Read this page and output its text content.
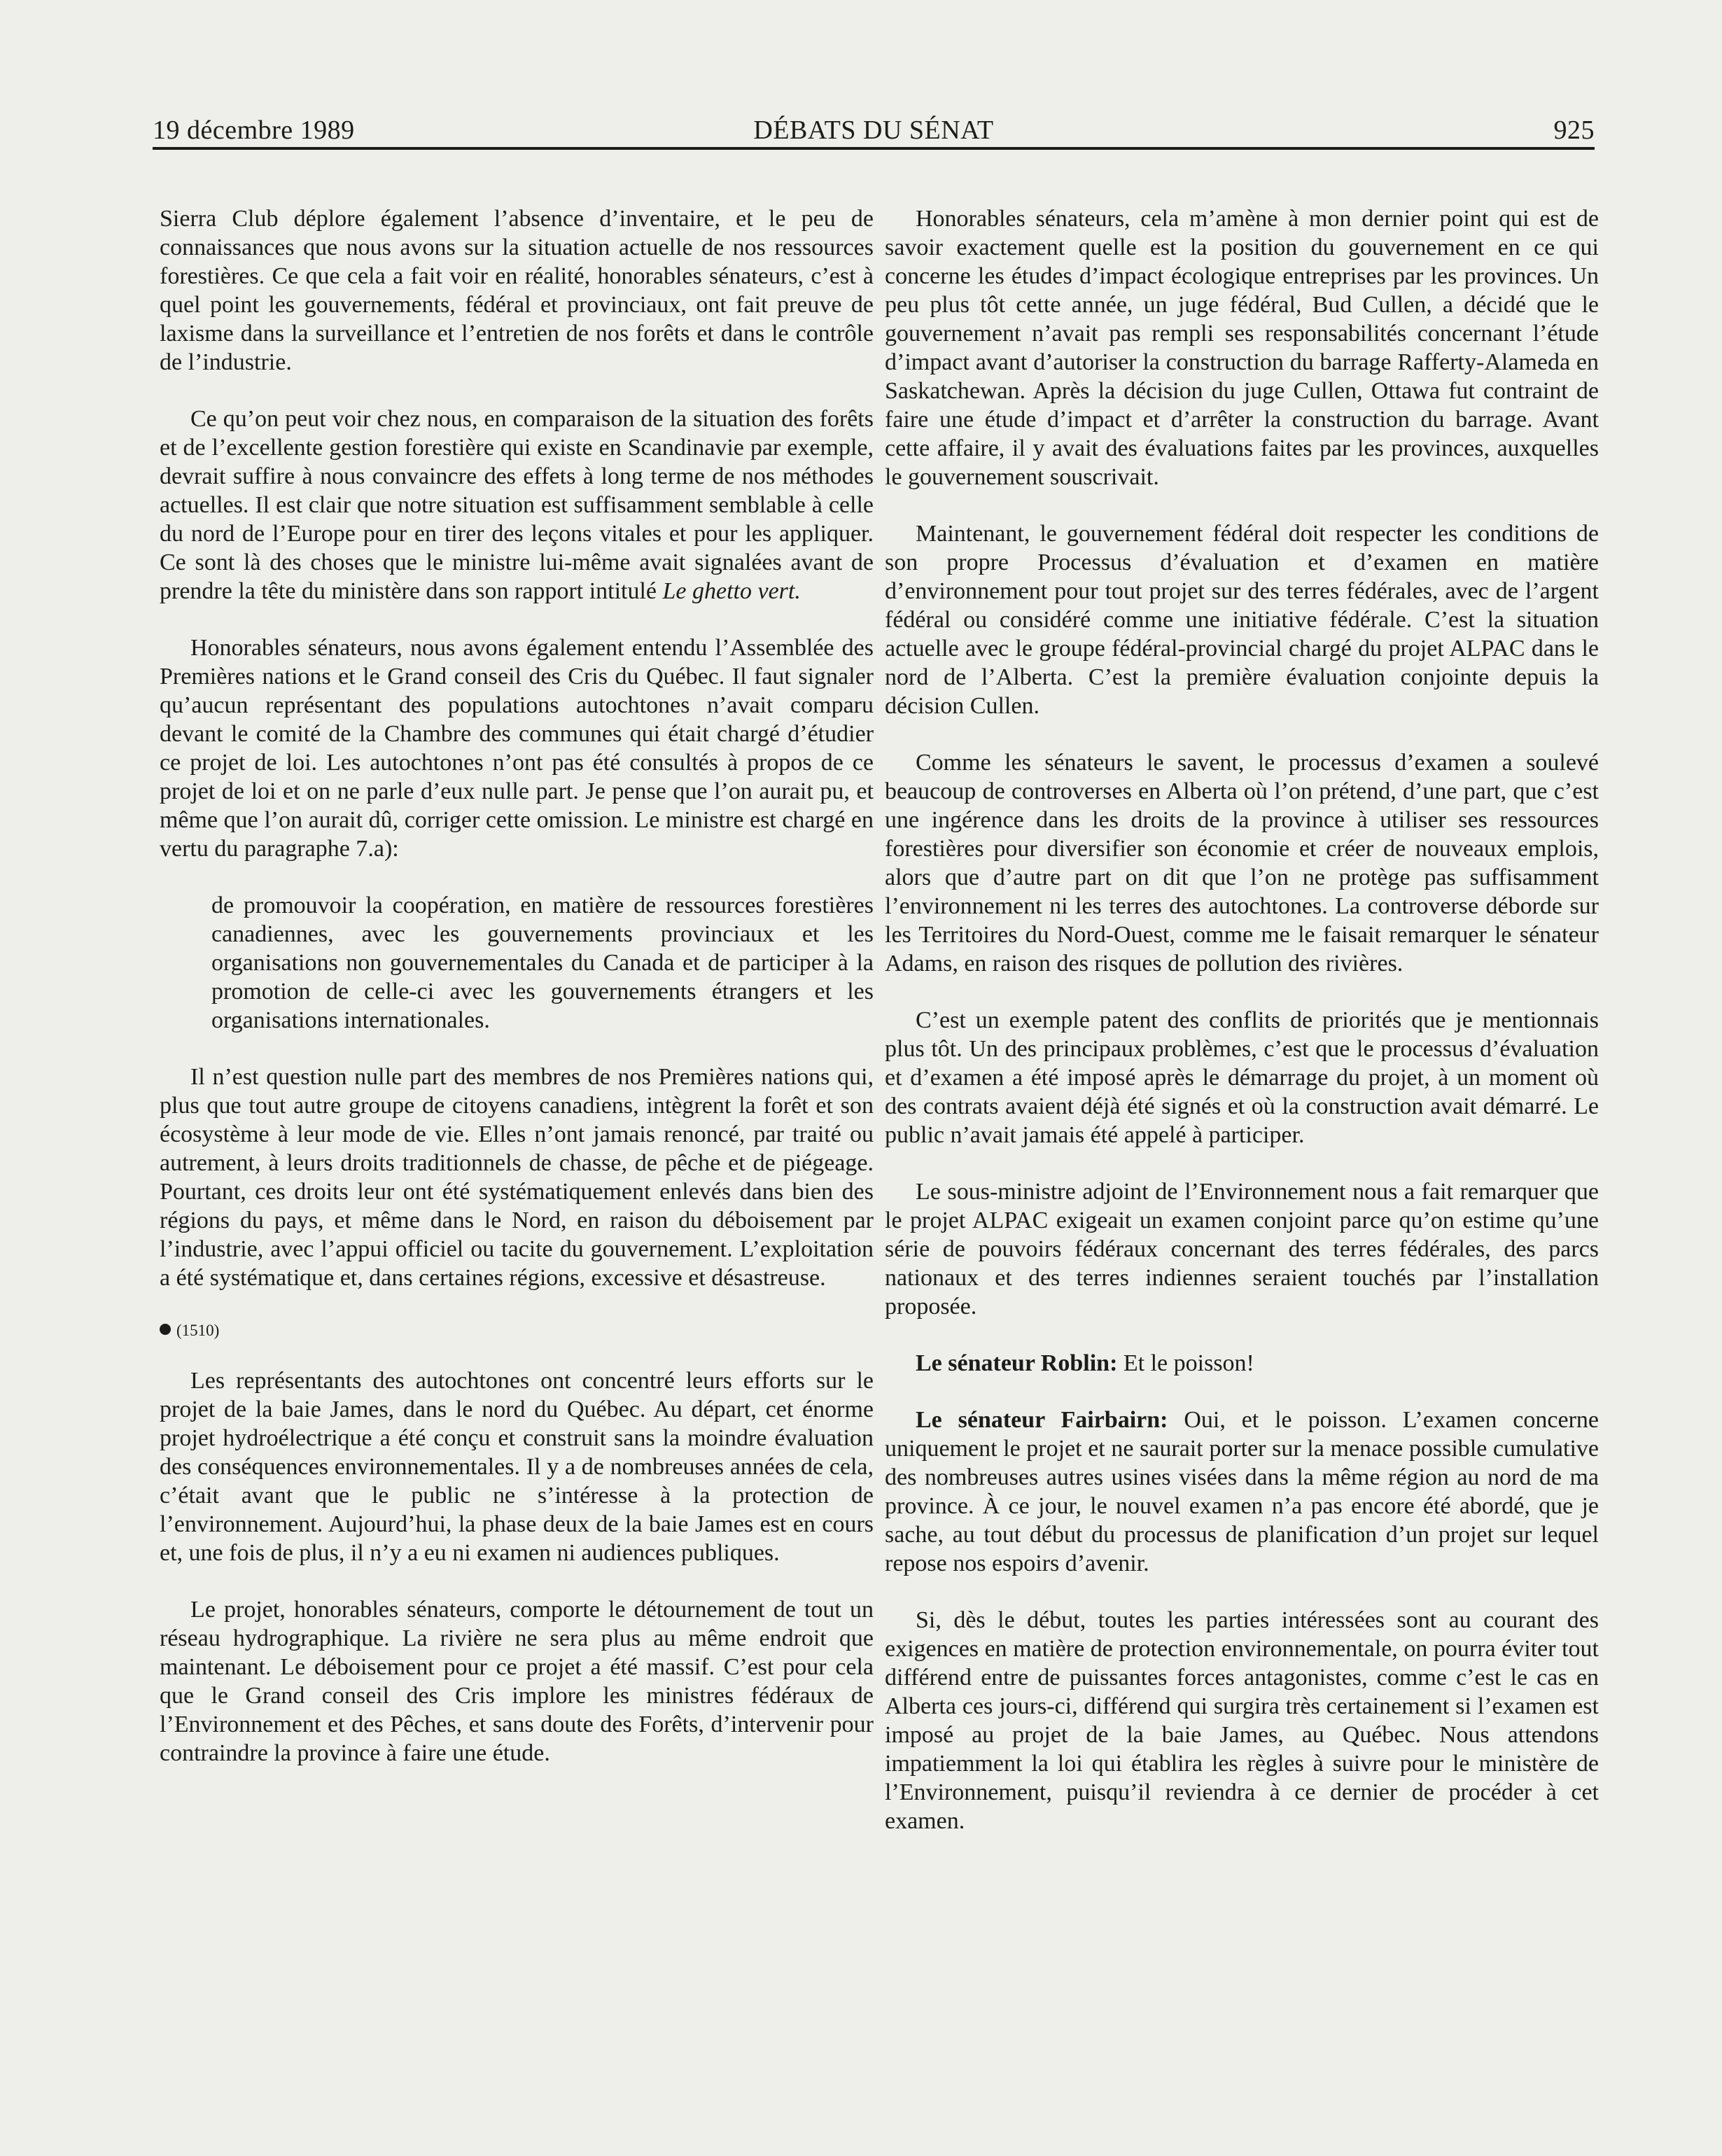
19 décembre 1989	DÉBATS DU SÉNAT	925

Sierra Club déplore également l’absence d’inventaire, et le peu de connaissances que nous avons sur la situation actuelle de nos ressources forestières. Ce que cela a fait voir en réalité, honorables sénateurs, c’est à quel point les gouvernements, fédéral et provinciaux, ont fait preuve de laxisme dans la surveillance et l’entretien de nos forêts et dans le contrôle de l’industrie.

Ce qu’on peut voir chez nous, en comparaison de la situation des forêts et de l’excellente gestion forestière qui existe en Scandinavie par exemple, devrait suffire à nous convaincre des effets à long terme de nos méthodes actuelles. Il est clair que notre situation est suffisamment semblable à celle du nord de l’Europe pour en tirer des leçons vitales et pour les appliquer. Ce sont là des choses que le ministre lui-même avait signalées avant de prendre la tête du ministère dans son rapport intitulé Le ghetto vert.

Honorables sénateurs, nous avons également entendu l’Assemblée des Premières nations et le Grand conseil des Cris du Québec. Il faut signaler qu’aucun représentant des populations autochtones n’avait comparu devant le comité de la Chambre des communes qui était chargé d’étudier ce projet de loi. Les autochtones n’ont pas été consultés à propos de ce projet de loi et on ne parle d’eux nulle part. Je pense que l’on aurait pu, et même que l’on aurait dû, corriger cette omission. Le ministre est chargé en vertu du paragraphe 7.a):

de promouvoir la coopération, en matière de ressources forestières canadiennes, avec les gouvernements provinciaux et les organisations non gouvernementales du Canada et de participer à la promotion de celle-ci avec les gouvernements étrangers et les organisations internationales.

Il n’est question nulle part des membres de nos Premières nations qui, plus que tout autre groupe de citoyens canadiens, intègrent la forêt et son écosystème à leur mode de vie. Elles n’ont jamais renoncé, par traité ou autrement, à leurs droits traditionnels de chasse, de pêche et de piégeage. Pourtant, ces droits leur ont été systématiquement enlevés dans bien des régions du pays, et même dans le Nord, en raison du déboisement par l’industrie, avec l’appui officiel ou tacite du gouvernement. L’exploitation a été systématique et, dans certaines régions, excessive et désastreuse.

(1510)

Les représentants des autochtones ont concentré leurs efforts sur le projet de la baie James, dans le nord du Québec. Au départ, cet énorme projet hydroélectrique a été conçu et construit sans la moindre évaluation des conséquences environnementales. Il y a de nombreuses années de cela, c’était avant que le public ne s’intéresse à la protection de l’environnement. Aujourd’hui, la phase deux de la baie James est en cours et, une fois de plus, il n’y a eu ni examen ni audiences publiques.

Le projet, honorables sénateurs, comporte le détournement de tout un réseau hydrographique. La rivière ne sera plus au même endroit que maintenant. Le déboisement pour ce projet a été massif. C’est pour cela que le Grand conseil des Cris implore les ministres fédéraux de l’Environnement et des Pêches, et sans doute des Forêts, d’intervenir pour contraindre la province à faire une étude.

Honorables sénateurs, cela m’amène à mon dernier point qui est de savoir exactement quelle est la position du gouvernement en ce qui concerne les études d’impact écologique entreprises par les provinces. Un peu plus tôt cette année, un juge fédéral, Bud Cullen, a décidé que le gouvernement n’avait pas rempli ses responsabilités concernant l’étude d’impact avant d’autoriser la construction du barrage Rafferty-Alameda en Saskatchewan. Après la décision du juge Cullen, Ottawa fut contraint de faire une étude d’impact et d’arrêter la construction du barrage. Avant cette affaire, il y avait des évaluations faites par les provinces, auxquelles le gouvernement souscrivait.

Maintenant, le gouvernement fédéral doit respecter les conditions de son propre Processus d’évaluation et d’examen en matière d’environnement pour tout projet sur des terres fédérales, avec de l’argent fédéral ou considéré comme une initiative fédérale. C’est la situation actuelle avec le groupe fédéral-provincial chargé du projet ALPAC dans le nord de l’Alberta. C’est la première évaluation conjointe depuis la décision Cullen.

Comme les sénateurs le savent, le processus d’examen a soulevé beaucoup de controverses en Alberta où l’on prétend, d’une part, que c’est une ingérence dans les droits de la province à utiliser ses ressources forestières pour diversifier son économie et créer de nouveaux emplois, alors que d’autre part on dit que l’on ne protège pas suffisamment l’environnement ni les terres des autochtones. La controverse déborde sur les Territoires du Nord-Ouest, comme me le faisait remarquer le sénateur Adams, en raison des risques de pollution des rivières.

C’est un exemple patent des conflits de priorités que je mentionnais plus tôt. Un des principaux problèmes, c’est que le processus d’évaluation et d’examen a été imposé après le démarrage du projet, à un moment où des contrats avaient déjà été signés et où la construction avait démarré. Le public n’avait jamais été appelé à participer.

Le sous-ministre adjoint de l’Environnement nous a fait remarquer que le projet ALPAC exigeait un examen conjoint parce qu’on estime qu’une série de pouvoirs fédéraux concernant des terres fédérales, des parcs nationaux et des terres indiennes seraient touchés par l’installation proposée.

Le sénateur Roblin: Et le poisson!

Le sénateur Fairbairn: Oui, et le poisson. L’examen concerne uniquement le projet et ne saurait porter sur la menace possible cumulative des nombreuses autres usines visées dans la même région au nord de ma province. À ce jour, le nouvel examen n’a pas encore été abordé, que je sache, au tout début du processus de planification d’un projet sur lequel repose nos espoirs d’avenir.

Si, dès le début, toutes les parties intéressées sont au courant des exigences en matière de protection environnementale, on pourra éviter tout différend entre de puissantes forces antagonistes, comme c’est le cas en Alberta ces jours-ci, différend qui surgira très certainement si l’examen est imposé au projet de la baie James, au Québec. Nous attendons impatiemment la loi qui établira les règles à suivre pour le ministère de l’Environnement, puisqu’il reviendra à ce dernier de procéder à cet examen.
